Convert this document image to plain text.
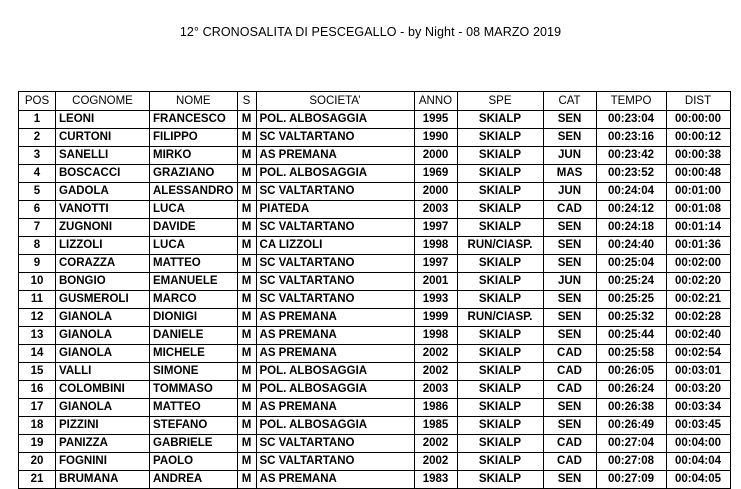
12° CRONOSALITA DI PESCEGALLO - by Night - 08 MARZO 2019
POS	COGNOME	NOME	S	SOCIETA’	ANNO	SPE	CAT	TEMPO	DIST
1	LEONI	FRANCESCO	M	POL. ALBOSAGGIA	1995	SKIALP	SEN	00:23:04	00:00:00
2	CURTONI	FILIPPO	M	SC VALTARTANO	1990	SKIALP	SEN	00:23:16	00:00:12
3	SANELLI	MIRKO	M	AS PREMANA	2000	SKIALP	JUN	00:23:42	00:00:38
4	BOSCACCI	GRAZIANO	M	POL. ALBOSAGGIA	1969	SKIALP	MAS	00:23:52	00:00:48
5	GADOLA	ALESSANDRO	M	SC VALTARTANO	2000	SKIALP	JUN	00:24:04	00:01:00
6	VANOTTI	LUCA	M	PIATEDA	2003	SKIALP	CAD	00:24:12	00:01:08
7	ZUGNONI	DAVIDE	M	SC VALTARTANO	1997	SKIALP	SEN	00:24:18	00:01:14
8	LIZZOLI	LUCA	M	CA LIZZOLI	1998	RUN/CIASP.	SEN	00:24:40	00:01:36
9	CORAZZA	MATTEO	M	SC VALTARTANO	1997	SKIALP	SEN	00:25:04	00:02:00
10	BONGIO	EMANUELE	M	SC VALTARTANO	2001	SKIALP	JUN	00:25:24	00:02:20
11	GUSMEROLI	MARCO	M	SC VALTARTANO	1993	SKIALP	SEN	00:25:25	00:02:21
12	GIANOLA	DIONIGI	M	AS PREMANA	1999	RUN/CIASP.	SEN	00:25:32	00:02:28
13	GIANOLA	DANIELE	M	AS PREMANA	1998	SKIALP	SEN	00:25:44	00:02:40
14	GIANOLA	MICHELE	M	AS PREMANA	2002	SKIALP	CAD	00:25:58	00:02:54
15	VALLI	SIMONE	M	POL. ALBOSAGGIA	2002	SKIALP	CAD	00:26:05	00:03:01
16	COLOMBINI	TOMMASO	M	POL. ALBOSAGGIA	2003	SKIALP	CAD	00:26:24	00:03:20
17	GIANOLA	MATTEO	M	AS PREMANA	1986	SKIALP	SEN	00:26:38	00:03:34
18	PIZZINI	STEFANO	M	POL. ALBOSAGGIA	1985	SKIALP	SEN	00:26:49	00:03:45
19	PANIZZA	GABRIELE	M	SC VALTARTANO	2002	SKIALP	CAD	00:27:04	00:04:00
20	FOGNINI	PAOLO	M	SC VALTARTANO	2002	SKIALP	CAD	00:27:08	00:04:04
21	BRUMANA	ANDREA	M	AS PREMANA	1983	SKIALP	SEN	00:27:09	00:04:05
